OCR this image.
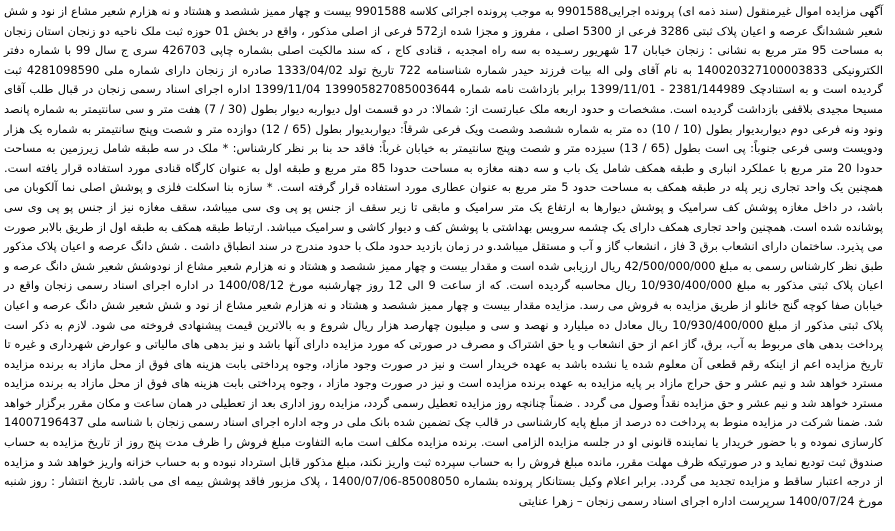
آگهی مزایده اموال غیرمنقول (سند ذمه ای) پرونده اجرایی9901588 به موجب پرونده اجرائی کلاسه 9901588 بیست و چهار ممیز ششصد و هشتاد و نه هزارم شعیر مشاع از نود و شش شعیر ششدانگ عرصه و اعیان پلاک ثبتی 3286 فرعی از 5300 اصلی ، مفروز و مجزا شده از572 فرعی از اصلی مذکور ، واقع در بخش 01 حوزه ثبت ملک ناحیه دو زنجان استان زنجان به مساحت 95 متر مربع به نشانی : زنجان خیابان 17 شهریور رسـیده به سه راه امجدیه ، قنادی کاج ، که سند مالکیت اصلی بشماره چاپی 426703 سری ج سال 99 با شماره دفتر الکترونیکی 140020327100003833 به نام آقای ولی اله بیات فرزند حیدر شماره شناسنامه 722 تاریخ تولد 1333/04/02 صادره از زنجان دارای شماره ملی 4281098590 ثبت گردیده است و به استناد‌چک 2381/144989 - 1399/11/01 برابر بازداشت نامه شماره 139905827085003644 1399/11/04 اداره اجرای اسناد رسمی زنجان در قبال طلب آقای مسیحا مجیدی بلاقفی بازداشت گردیده است. مشخصات و حدود اربعه ملک عبارتست از: شمالا: در دو قسمت اول دیواربه دیوار بطول (30 / 7) هفت متر و سی سانتیمتر به شماره پانصد ونود ونه فرعی دوم دیواربدیوار بطول (10 / 10) ده متر به شماره ششصد وشصت ویک فرعی شرقاً: دیواربدیوار بطول (65 / 12) دوازده متر و شصت وپنج سانتیمتر به شماره یک هزار ودویست وسی فرعی جنوباً: پی است بطول (65 / 13) سیزده متر و شصت وپنج سانتیمتر به خیابان غرباً: فاقد حد بنا بر نظر کارشناس: * ملک در سه طبقه شامل زیرزمین به مساحت حدودا 20 متر مربع با عملکرد انباری و طبقه همکف شامل یک باب و سه دهنه مغازه به مساحت حدودا 85 متر مربع و طبقه اول به عنوان کارگاه قنادی مورد استفاده قرار یافته است. همچنین یک واحد تجاری زیر پله در طبقه همکف به مساحت حدود 5 متر مربع به عنوان عطاری مورد استفاده قرار گرفته است. * سازه بنا اسکلت فلزی و پوشش اصلی نما آلکوبان می باشد، در داخل مغازه پوشش کف سرامیک و پوشش دیوارها به ارتفاع یک متر سرامیک و مابقی تا زیر سقف از جنس پو پی وی سی میباشد، سقف مغازه نیز از جنس پو پی وی سی پوشانده شده است. همچنین واحد تجاری همکف دارای یک چشمه سرویس بهداشتی با پوشش کف و دیوار کاشی و سرامیک میباشد. ارتباط طبقه همکف به طبقه اول از طریق بالابر صورت می پذیرد. ساختمان دارای انشعاب برق 3 فاز ، انشعاب گاز و آب و مستقل میباشد.و در زمان بازدید حدود ملک با حدود مندرج در سند انطباق داشت . شش دانگ عرصه و اعیان پلاک مذکور طبق نظر کارشناس رسمی به مبلغ 42/500/000/000 ریال ارزیابی شده است و مقدار بیست و چهار ممیز ششصد و هشتاد و نه هزارم شعیر مشاع از نودوشش شعیر شش دانگ عرصه و اعیان پلاک ثبتی مذکور به مبلغ 10/930/400/000 ریال محاسبه گردیده است. که از ساعت 9 الی 12 روز چهارشنبه مورخ 1400/08/12 در اداره اجرای اسناد رسمی زنجان واقع در خیابان صفا کوچه گنج خانلو از طریق مزایده به فروش می رسد. مزایده مقدار بیست و چهار ممیز ششصد و هشتاد و نه هزارم شعیر مشاع از نود و شش شعیر شش دانگ عرصه و اعیان پلاک ثبتی مذکور از مبلغ 10/930/400/000 ریال معادل ده میلیارد و نهصد و سی و میلیون چهارصد هزار ریال شروع و به بالاترین قیمت پیشنهادی فروخته می شود. لازم به ذکر است پرداخت بدهی های مربوط به آب، برق، گاز اعم از حق انشعاب و یا حق اشتراک و مصرف در صورتی که مورد مزایده دارای آنها باشد و نیز بدهی های مالیاتی و عوارض شهرداری و غیره تا تاریخ مزایده اعم از اینکه رقم قطعی آن معلوم شده یا نشده باشد به عهده خریدار است و نیز در صورت وجود مازاد، وجوه پرداختی بابت هزینه های فوق از محل مازاد به برنده مزایده مسترد خواهد شد و نیم عشر و حق حراج مازاد بر پایه مزایده به عهده برنده مزایده است و نیز در صورت وجود مازاد ، وجوه پرداختی بابت هزینه های فوق از محل مازاد به برنده مزایده مسترد خواهد شد و نیم عشر و حق مزایده نقداً وصول می گردد . ضمناً چنانچه روز مزایده تعطیل رسمی گردد، مزایده روز اداری بعد از تعطیلی در همان ساعت و مکان مقرر برگزار خواهد شد. ضمنا شرکت در مزایده منوط به پرداخت ده درصد از مبلغ پایه کارشناسی در قالب چک تضمین شده بانک ملی در وجه اداره اجرای اسناد رسمی زنجان با شناسه ملی 14007196437 کارسازی نموده و با حضور خریدار یا نماینده قانونی او در جلسه مزایده الزامی است. برنده مزایده مکلف است مابه التفاوت مبلغ فروش را ظرف مدت پنج روز از تاریخ مزایده به حساب صندوق ثبت تودیع نماید و در صورتیکه ظرف مهلت مقرر، مانده مبلغ فروش را به حساب سپرده ثبت واریز نکند، مبلغ مذکور قابل استرداد نبوده و به حساب خزانه واریز خواهد شد و مزایده از درجه اعتبار ساقط و مزایده تجدید می گردد. برابر اعلام وکیل بستانکار پرونده بشماره 85008050-1400/07/06 ، پلاک مزبور فاقد پوشش بیمه ای می باشد. تاریخ انتشار : روز شنبه مورخ 1400/07/24 سرپرست اداره اجرای اسناد رسمی زنجان – زهرا عنایتی
